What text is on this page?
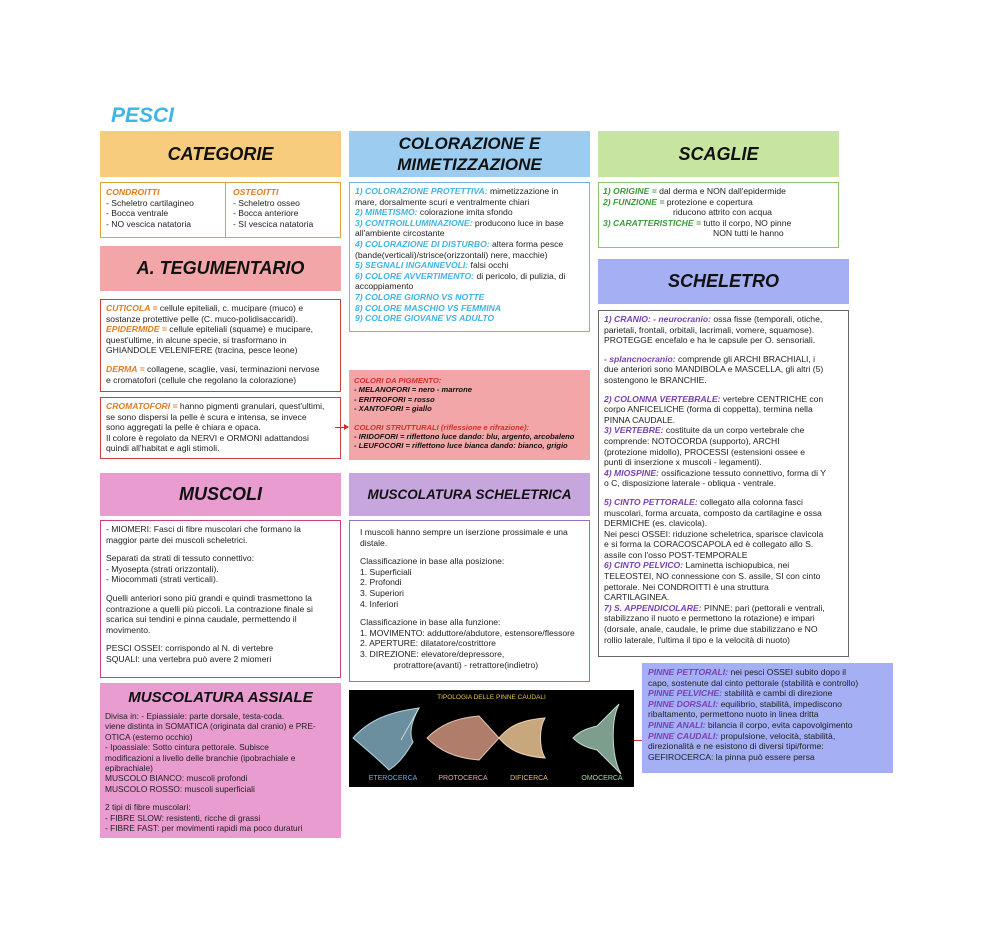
PESCI
CATEGORIE
CONDROITTI
- Scheletro cartilagineo
- Bocca ventrale
- NO vescica natatoria
OSTEOITTI
- Scheletro osseo
- Bocca anteriore
- SI vescica natatoria
COLORAZIONE E
MIMETIZZAZIONE
1) COLORAZIONE PROTETTIVA: mimetizzazione in
mare, dorsalmente scuri e ventralmente chiari
2) MIMETISMO: colorazione imita sfondo
3) CONTROILLUMINAZIONE: producono luce in base
all'ambiente circostante
4) COLORAZIONE DI DISTURBO: altera forma pesce
(bande(verticali)/strisce(orizzontali) nere, macchie)
5) SEGNALI INGANNEVOLI: falsi occhi
6) COLORE AVVERTIMENTO: di pericolo, di pulizia, di
accoppiamento
7) COLORE GIORNO VS NOTTE
8) COLORE MASCHIO VS FEMMINA
9) COLORE GIOVANE VS ADULTO
SCAGLIE
1) ORIGINE = dal derma e NON dall'epidermide
2) FUNZIONE = protezione e copertura
riducono attrito con acqua
3) CARATTERISTICHE = tutto il corpo, NO pinne
NON tutti le hanno
A. TEGUMENTARIO
CUTICOLA = cellule epiteliali, c. mucipare (muco) e
sostanze protettive pelle (C. muco-polidisaccaridi).
EPIDERMIDE = cellule epiteliali (squame) e mucipare,
quest'ultime, in alcune specie, si trasformano in
GHIANDOLE VELENIFERE (tracina, pesce leone)
DERMA = collagene, scaglie, vasi, terminazioni nervose
e cromatofori (cellule che regolano la colorazione)
CROMATOFORI = hanno pigmenti granulari, quest'ultimi,
se sono dispersi la pelle è scura e intensa, se invece
sono aggregati la pelle è chiara e opaca.
Il colore è regolato da NERVI e ORMONI adattandosi
quindi all'habitat e agli stimoli.
COLORI DA PIGMENTO:
- MELANOFORI = nero - marrone
- ERITROFORI = rosso
- XANTOFORI = giallo
COLORI STRUTTURALI (riflessione e rifrazione):
- IRIDOFORI = riflettono luce dando: blu, argento, arcobaleno
- LEUFOCORI = riflettono luce bianca dando: bianco, grigio
SCHELETRO
1) CRANIO: - neurocranio: ossa fisse (temporali, otiche,
parietali, frontali, orbitali, lacrimali, vomere, squamose).
PROTEGGE encefalo e ha le capsule per O. sensoriali.
- splancnocranio: comprende gli ARCHI BRACHIALI, i
due anteriori sono MANDIBOLA e MASCELLA, gli altri (5)
sostengono le BRANCHIE.
2) COLONNA VERTEBRALE: vertebre CENTRICHE con
corpo ANFICELICHE (forma di coppetta), termina nella
PINNA CAUDALE.
3) VERTEBRE: costituite da un corpo vertebrale che
comprende: NOTOCORDA (supporto), ARCHI
(protezione midollo), PROCESSI (estensioni ossee e
punti di inserzione x muscoli - legamenti).
4) MIOSPINE: ossificazione tessuto connettivo, forma di Y
o C, disposizione laterale - obliqua - ventrale.
5) CINTO PETTORALE: collegato alla colonna fasci
muscolari, forma arcuata, composto da cartilagine e ossa
DERMICHE (es. clavicola).
Nei pesci OSSEI: riduzione scheletrica, sparisce clavicola
e si forma la CORACOSCAPOLA ed è collegato allo S.
assile con l'osso POST-TEMPORALE
6) CINTO PELVICO: Laminetta ischiopubica, nei
TELEOSTEI, NO connessione con S. assile, SI con cinto
pettorale. Nei CONDROITTI è una struttura
CARTILAGINEA.
7) S. APPENDICOLARE: PINNE: pari (pettorali e ventrali,
stabilizzano il nuoto e permettono la rotazione) e impari
(dorsale, anale, caudale, le prime due stabilizzano e NO
rollio laterale, l'ultima il tipo e la velocità di nuoto)
PINNE PETTORALI: nei pesci OSSEI subito dopo il
capo, sostenute dal cinto pettorale (stabilità e controllo)
PINNE PELVICHE: stabilità e cambi di direzione
PINNE DORSALI: equilibrio, stabilità, impediscono
ribaltamento, permettono nuoto in linea dritta
PINNE ANALI: bilancia il corpo, evita capovolgimento
PINNE CAUDALI: propulsione, velocità, stabilità,
direzionalità e ne esistono di diversi tipi/forme:
GEFIROCERCA: la pinna può essere persa
MUSCOLI
- MIOMERI: Fasci di fibre muscolari che formano la
maggior parte dei muscoli scheletrici.
Separati da strati di tessuto connettivo:
- Myosepta (strati orizzontali).
- Miocommati (strati verticali).
Quelli anteriori sono più grandi e quindi trasmettono la
contrazione a quelli più piccoli. La contrazione finale si
scarica sui tendini e pinna caudale, permettendo il
movimento.
PESCI OSSEI: corrispondo al N. di vertebre
SQUALI: una vertebra può avere 2 miomeri
MUSCOLATURA SCHELETRICA
I muscoli hanno sempre un iserzione prossimale e una
distale.
Classificazione in base alla posizione:
1. Superficiali
2. Profondi
3. Superiori
4. Inferiori
Classificazione in base alla funzione:
1. MOVIMENTO: adduttore/abdutore, estensore/flessore
2. APERTURE: dilatatore/costrittore
3. DIREZIONE: elevatore/depressore,
protrattore(avanti) - retrattore(indietro)
TIPOLOGIA DELLE PINNE CAUDALI
ETEROCERCA	PROTOCERCA	DIFICERCA	OMOCERCA
MUSCOLATURA ASSIALE
Divisa in: - Epiassiale: parte dorsale, testa-coda.
viene distinta in SOMATICA (originata dal cranio) e PRE-
OTICA (esterno occhio)
- Ipoassiale: Sotto cintura pettorale. Subisce
modificazioni a livello delle branchie (ipobrachiale e
epibrachiale)
MUSCOLO BIANCO: muscoli profondi
MUSCOLO ROSSO: muscoli superficiali
2 tipi di fibre muscolari:
- FIBRE SLOW: resistenti, ricche di grassi
- FIBRE FAST: per movimenti rapidi ma poco duraturi
